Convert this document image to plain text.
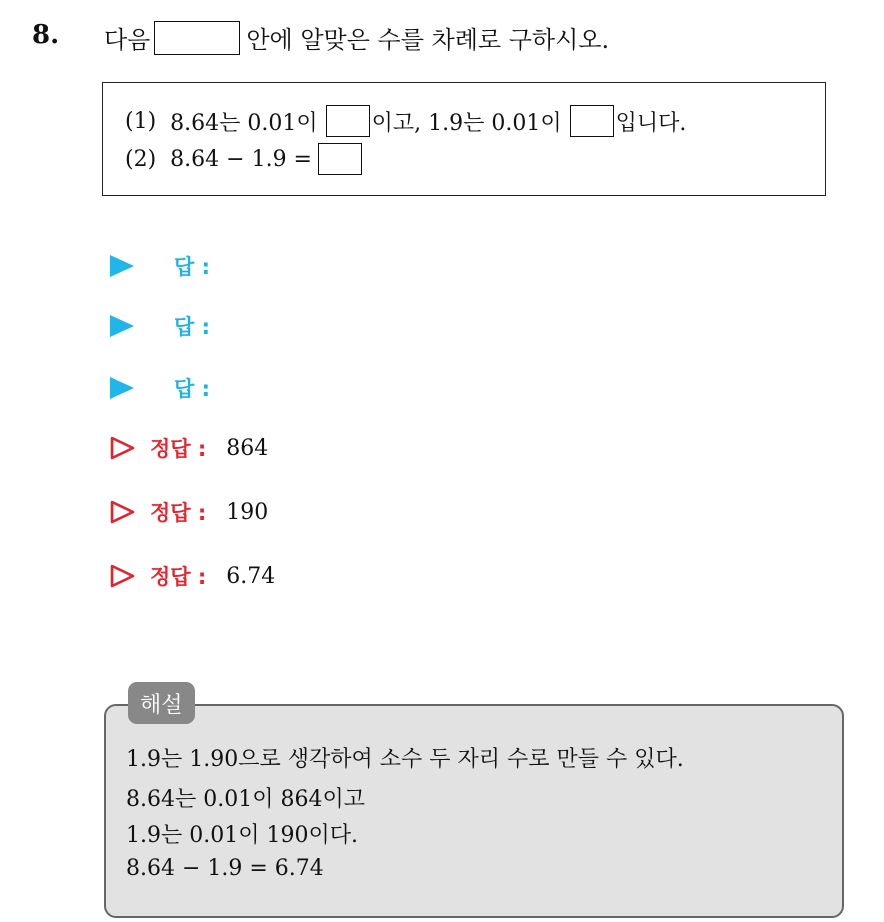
8. 다음	안에 알맞은 수를 차례로 구하시오.
(1) 8.64는 0.01이 이고, 1.9는 0.01이 입니다.
(2) 8.64 − 1.9 =
답 :
답 :
답 :
정답 : 864
정답 : 190
정답 : 6.74
해설
1.9는 1.90으로 생각하여 소수 두 자리 수로 만들 수 있다.
8.64는 0.01이 864이고
1.9는 0.01이 190이다.
8.64 − 1.9 = 6.74
